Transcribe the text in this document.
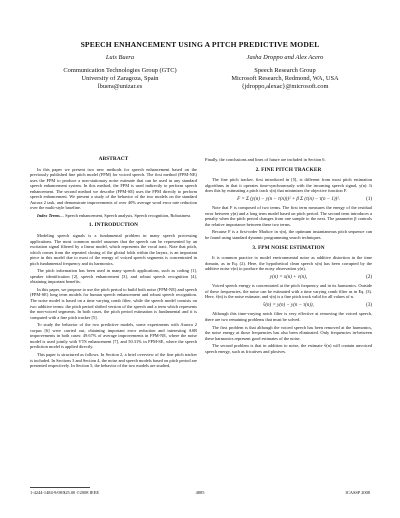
SPEECH ENHANCEMENT USING A PITCH PREDICTIVE MODEL
Luis Buera
Communication Technologies Group (GTC)
University of Zaragoza, Spain
lbuera@unizar.es
Jasha Droppo and Alex Acero
Speech Research Group
Microsoft Research, Redmond, WA, USA
{jdroppo,alexac}@microsoft.com
ABSTRACT

In this paper we present two new methods for speech enhancement based on the previously published fine pitch model (FPM) for voiced speech. The first method (FPM-NE) uses the FPM to produce a non-stationary noise estimate that can be used in any standard speech enhancement system. In this method, the FPM is used indirectly to perform speech enhancement. The second method we describe (FPM-SE) uses the FPM directly to perform speech enhancement. We present a study of the behavior of the two models on the standard Aurora 2 task, and demonstrate improvements of over 40% average word error rate reduction over the multi-style baseline.

Index Terms— Speech enhancement, Speech analysis, Speech recognition, Robustness

1. INTRODUCTION

Modeling speech signals is a fundamental problem in many speech processing applications. The most common model assumes that the speech can be represented by an excitation signal filtered by a linear model, which represents the vocal tract. Note that pitch, which comes from the repeated closing of the glottal folds within the larynx, is an important piece in this model due to most of the energy of voiced speech segments is concentrated in pitch fundamental frequency and its harmonics.

The pitch information has been used in many speech applications, such as coding [1], speaker identification [2], speech enhancement [3], and robust speech recognition [4], obtaining important benefits.

In this paper, we propose to use the pitch period to build both noise (FPM-NE) and speech (FPM-SE) long term models for human speech enhancement and robust speech recognition. The noise model is based on a time varying comb filter, while the speech model consists on two additive terms: the pitch period shifted version of the speech and a term which represents the non-voiced segments. In both cases, the pitch period estimation is fundamental and it is computed with a fine pitch tracker [5].

To study the behavior of the two predictive models, some experiments with Aurora 2 corpus [6] were carried out, obtaining important error reduction and interesting ASR improvements in both cases: 49.67% of average improvements in FPM-NE, where the noise model is used jointly with VTS enhancement [7], and 50.31% in FPM-SE, where the speech prediction model is applied directly.

This paper is structured as follows. In Section 2, a brief overview of the fine pitch tracker is included. In Sections 3 and Section 4, the noise and speech models based on pitch period are presented respectively. In Section 5, the behavior of the two models are studied,

Finally, the conclusions and lines of future are included in Section 6.

2. FINE PITCH TRACKER

The fine pitch tracker, first introduced in [5], is different from most pitch estimation algorithms in that it operates time-synchronously with the incoming speech signal, y(n). It does this by estimating a pitch track τ(n) that minimizes the objective function F.

F = Σ (y(n) − y(n − τ(n)))² + β Σ (τ(n) − τ(n − 1))².	(1)

Note that F is composed of two terms. The first term measures the energy of the residual error between y(n) and a long term model based on pitch period. The second term introduces a penalty when the pitch period changes from one sample to the next. The parameter β controls the relative importance between these two terms.

Because F is a first-order Markov in τ(n), the optimum instantaneous pitch sequence can be found using standard dynamic programming search techniques.

3. FPM NOISE ESTIMATION

It is common practice to model environmental noise as additive distortion in the time domain, as in Eq. (2). Here, the hypothetical clean speech x(n) has been corrupted by the additive noise v(n) to produce the noisy observation y(n),

y(n) = x(n) + v(n),	(2)

Voiced speech energy is concentrated at the pitch frequency and in its harmonics. Outside of these frequencies, the noise can be estimated with a time varying comb filter as in Eq. (3). Here, v̂(n) is the noise estimate, and τ(n) is a fine pitch track valid for all values of n.

v̂(n) = y(n) − y(n − τ(n)),	(3)

Although this time-varying notch filter is very effective at removing the voiced speech, there are two remaining problems that must be solved.

The first problem is that although the voiced speech has been removed at the harmonics, the noise energy at those frequencies has also been eliminated. Only frequencies in-between these harmonics represent good estimates of the noise.

The second problem is that in addition to noise, the estimate v̂(n) will contain unvoiced speech energy, such as fricatives and plosives.

1-4244-1484-9/08/$25.00 ©2008 IEEE	4885	ICASSP 2008
